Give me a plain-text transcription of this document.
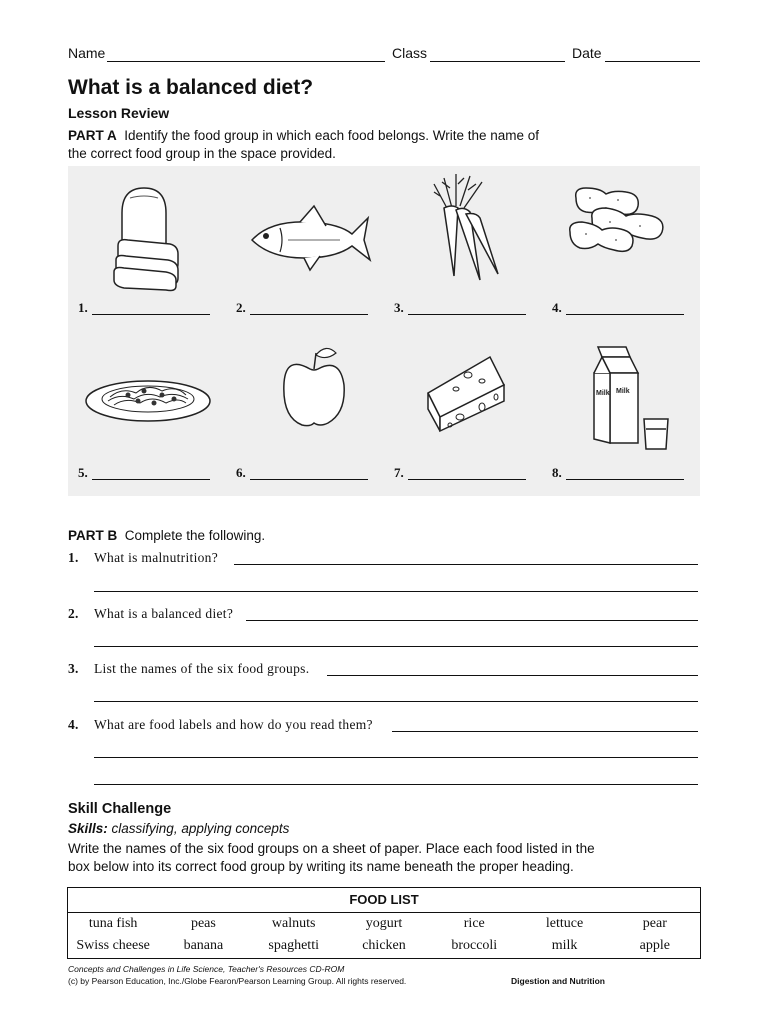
Name	Class	Date
What is a balanced diet?
Lesson Review
PART A Identify the food group in which each food belongs. Write the name of
the correct food group in the space provided.
1.	2.	3.	4.
5.	6.	7.
Milk Milk
8.
PART B Complete the following.
1. What is malnutrition?
2. What is a balanced diet?
3. List the names of the six food groups.
4. What are food labels and how do you read them?
Skill Challenge
Skills: classifying, applying concepts
Write the names of the six food groups on a sheet of paper. Place each food listed in the
box below into its correct food group by writing its name beneath the proper heading.
FOOD LIST
tuna fish	peas	walnuts	yogurt	rice	lettuce	pear
Swiss cheese	banana	spaghetti	chicken	broccoli	milk	apple
Concepts and Challenges in Life Science, Teacher's Resources CD-ROM
(c) by Pearson Education, Inc./Globe Fearon/Pearson Learning Group. All rights reserved.	Digestion and Nutrition
